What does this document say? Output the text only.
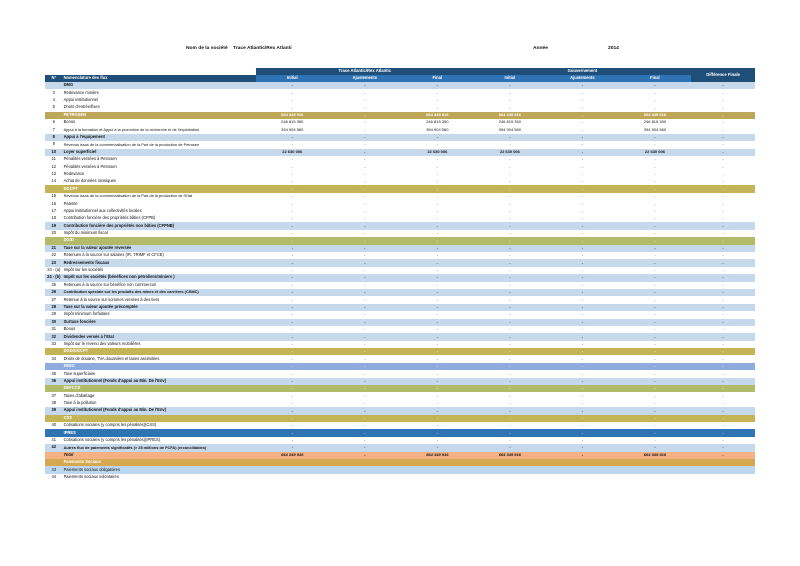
Nom de la société Trace Atlantic/Rex Atlanti	Année	2014
		Trace Atlantic/Rex Atlantic			Gouvernement			Différence Finale
N°	Nomenclature des flux	Initial	Ajustements	Final	Initial	Ajustements	Final	
	DMG	-	-	-	-	-	-	-
3	Redevance minière	-	-	-	-	-	-	-
4	Appui institutionnel	-	-	-	-	-	-	-
5	Droits d'entrée/fixes	-	-	-	-	-	-	-
	PETROSEN	664 349 916	-	664 349 916	664 349 916	-	664 349 916	-
6	Bonus	246 815 350	-	246 815 350	246 815 350	-	246 815 350	-
7	Appui à la formation et Appui à la promotion de la recherche et de l'exploitation	394 904 560	-	394 904 560	394 904 560	-	394 904 560	-
8	Appui à l'équipement	-	-	-	-	-	-	-
9	Revenus issus de la commercialisation de la Part de la production de Petrosen	-	-	-	-	-	-	-
10	Loyer superficiel	22 630 006	-	22 630 006	22 630 006	-	22 630 006	-
11	Pénalités versées à Petrosen	-	-	-	-	-	-	-
12	Pénalités versées à Petrosen	-	-	-	-	-	-	-
13	Redevance	-	-	-	-	-	-	-
14	Achat de données sismiques	-	-	-	-	-	-	-
	DGCPT	-	-	-	-	-	-	-
15	Revenus issus de la commercialisation de la Part de la production de l'Etat	-	-	-	-	-	-	-
16	Patente	-	-	-	-	-	-	-
17	Appui institutionnel aux collectivités locales	-	-	-	-	-	-	-
18	Contribution foncière des propriétés bâties (CFPB)	-	-	-	-	-	-	-
19	Contribution foncière des propriétés non bâties (CFPNB)	-	-	-	-	-	-	-
20	Impôt du minimum fiscal	-	-	-	-	-	-	-
	DGID	-	-	-	-	-	-	-
21	Taxe sur la valeur ajoutée reversée	-	-	-	-	-	-	-
22	Retenues à la source sur salaires (IR, TRIMF et CFCE)	-	-	-	-	-	-	-
23	Redressements fiscaux	-	-	-	-	-	-	-
24 - (a)	Impôt sur les sociétés	-	-	-	-	-	-	-
24 - (b)	Impôt sur les sociétés (bénéfices non pétroliers/miniers )	-	-	-	-	-	-	-
25	Retenues à la source sur bénéfice non commercial	-	-	-	-	-	-	-
26	Contribution spéciale sur les produits des mines et des carrières (CSMC)	-	-	-	-	-	-	-
27	Retenue à la source sur sommes versées à des tiers	-	-	-	-	-	-	-
28	Taxe sur la valeur ajoutée précomptée	-	-	-	-	-	-	-
29	Impôt minimum forfaitaire	-	-	-	-	-	-	-
30	Surtaxe foncière	-	-	-	-	-	-	-
31	Bonus	-	-	-	-	-	-	-
32	Dividendes versés à l'Etat	-	-	-	-	-	-	-
33	Impôt sur le revenu des valeurs mobilières	-	-	-	-	-	-	-
	DGD/DGCPT	-	-	-	-	-	-	-
34	Droits de douane, TVA douanière et taxes assimilées	-	-	-	-	-	-	-
	DEEC	-	-	-	-	-	-	-
35	Taxe superficiaire	-	-	-	-	-	-	-
36	Appui institutionnel (Fonds d'appui au Min. De l'Env)	-	-	-	-	-	-	-
	DEFCCS	-	-	-	-	-	-	-
37	Taxes d'abattage	-	-	-	-	-	-	-
38	Taxe à la pollution	-	-	-	-	-	-	-
39	Appui institutionnel (Fonds d'appui au Min. De l'Env)	-	-	-	-	-	-	-
	CSS	-	-	-	-	-	-	-
40	Cotisations sociales (y compris les pénalités)(CSS)	-	-	-	-	-	-	-
	IPRES	-	-	-	-	-	-	-
41	Cotisations sociales (y compris les pénalités)(IPRES)	-	-	-	-	-	-	-
42	Autres flux de paiements significatifs (> 25 millions de FCFA) (reconciliables)	-	-	-	-	-	-	-
	Total	664 349 916	-	664 349 916	664 349 916	-	664 349 916	-
	Paiements Sociaux							
43	Paiements sociaux obligatoires							
44	Paiements sociaux volontaires							
